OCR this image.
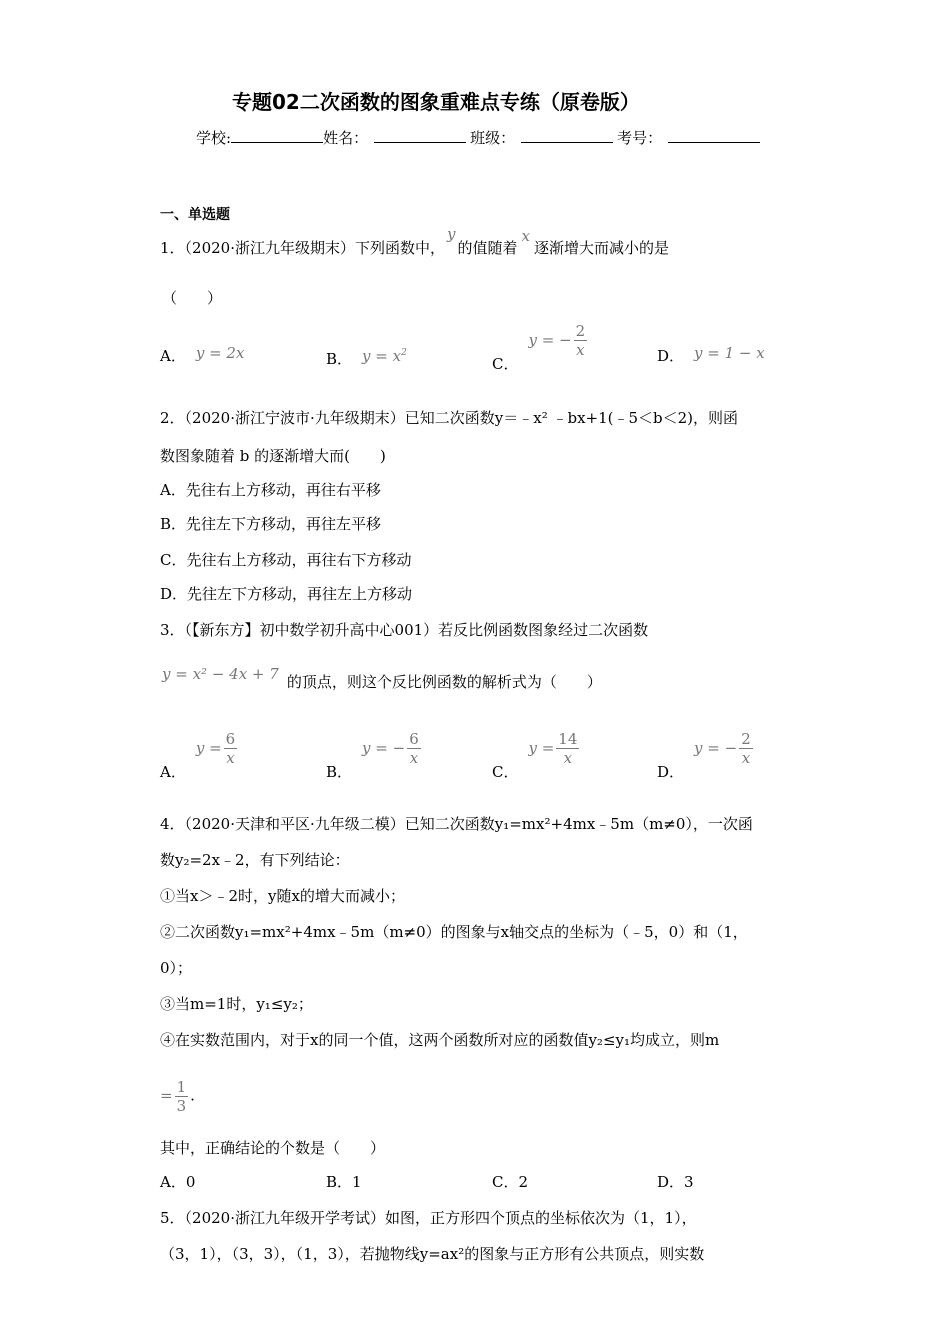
专题02二次函数的图象重难点专练（原卷版）
学校:	姓名：	班级：	考号：
一、单选题
1．（2020·浙江九年级期末）下列函数中，y的值随着x逐渐增大而减小的是
（　　）
A． y = 2x	B． $y = x^2$
C．y = − $\frac{2}{x}$	D． y = 1 − x
2．（2020·浙江宁波市·九年级期末）已知二次函数y＝﹣x² ﹣bx+1(﹣5＜b＜2)，则函
数图象随着 b 的逐渐增大而(　　)
A．先往右上方移动，再往右平移
B．先往左下方移动，再往左平移
C．先往右上方移动，再往右下方移动
D．先往左下方移动，再往左上方移动
3．（【新东方】初中数学初升高中心001）若反比例函数图象经过二次函数
y = x² − 4x + 7 的顶点，则这个反比例函数的解析式为（　　）
A．$y = \frac{6}{x}$
B．y = − $\frac{6}{x}$
C．$y = \frac{14}{x}$
D．y = − $\frac{2}{x}$
4．（2020·天津和平区·九年级二模）已知二次函数y₁=mx²+4mx﹣5m（m≠0），一次函
数y₂=2x﹣2，有下列结论：
①当x＞﹣2时，y随x的增大而减小；
②二次函数y₁=mx²+4mx﹣5m（m≠0）的图象与x轴交点的坐标为（﹣5，0）和（1，
0）；
③当m=1时，y₁≤y₂；
④在实数范围内，对于x的同一个值，这两个函数所对应的函数值y₂≤y₁均成立，则m
= $\frac{1}{3}$ .
其中，正确结论的个数是（　　）
A．0	B．1	C．2	D．3
5．（2020·浙江九年级开学考试）如图，正方形四个顶点的坐标依次为（1，1），
（3，1），（3，3），（1，3），若抛物线y=ax²的图象与正方形有公共顶点，则实数
